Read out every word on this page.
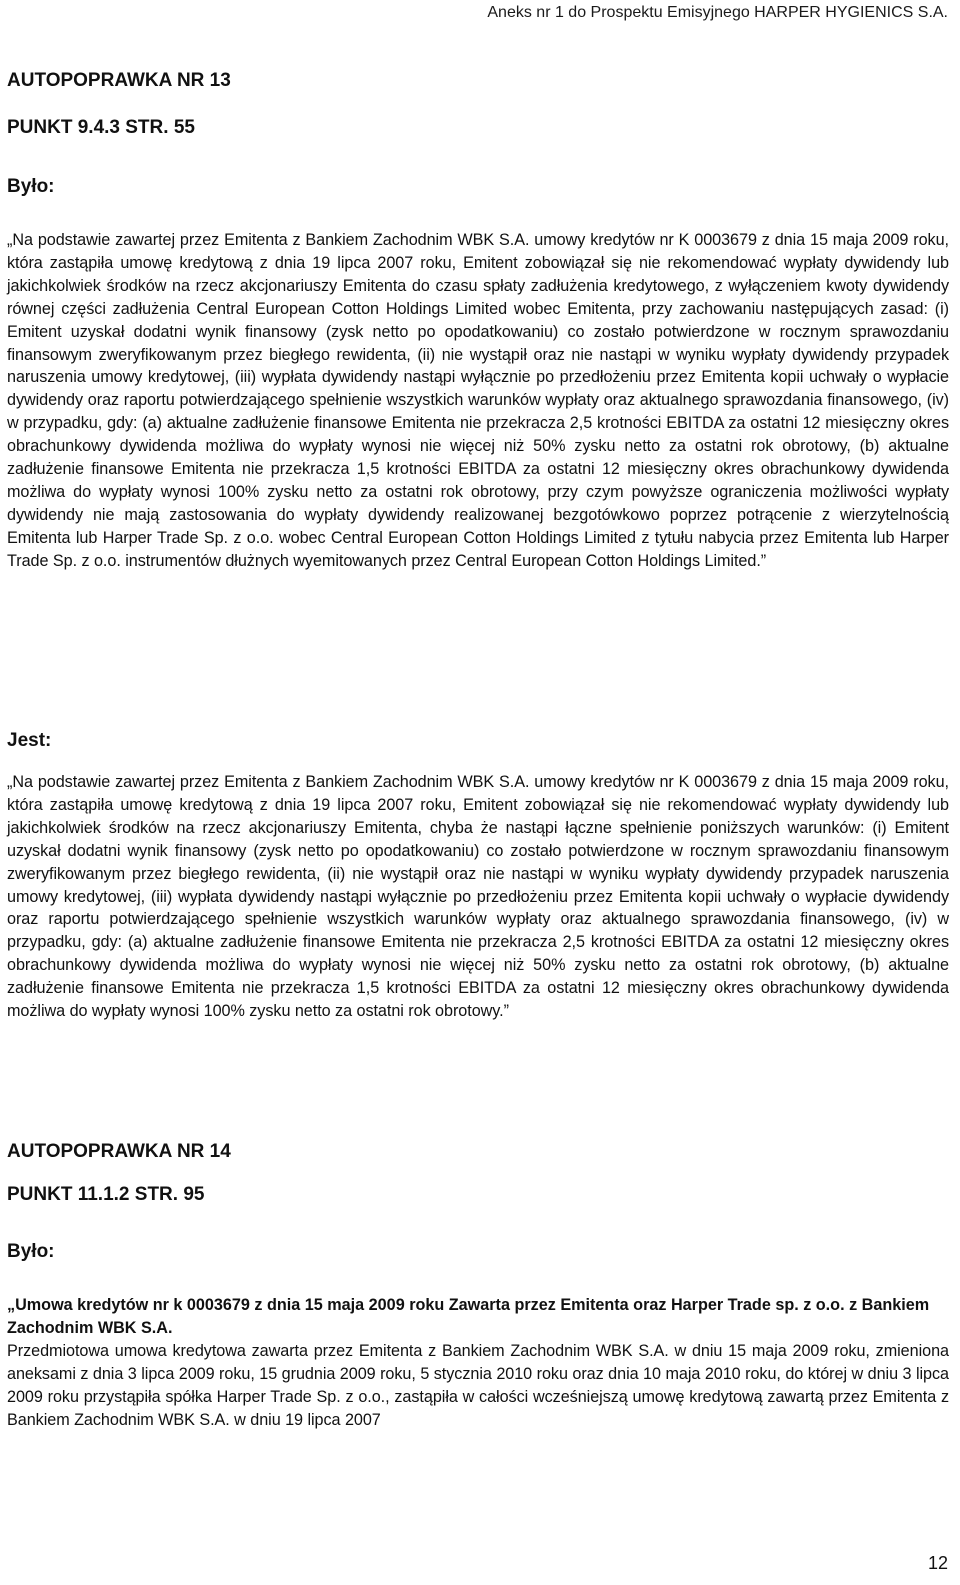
Aneks nr 1 do Prospektu Emisyjnego HARPER HYGIENICS S.A.

AUTOPOPRAWKA NR 13

PUNKT 9.4.3 STR. 55

Było:

„Na podstawie zawartej przez Emitenta z Bankiem Zachodnim WBK S.A. umowy kredytów nr K 0003679 z dnia 15 maja 2009 roku, która zastąpiła umowę kredytową z dnia 19 lipca 2007 roku, Emitent zobowiązał się nie rekomendować wypłaty dywidendy lub jakichkolwiek środków na rzecz akcjonariuszy Emitenta do czasu spłaty zadłużenia kredytowego, z wyłączeniem kwoty dywidendy równej części zadłużenia Central European Cotton Holdings Limited wobec Emitenta, przy zachowaniu następujących zasad: (i) Emitent uzyskał dodatni wynik finansowy (zysk netto po opodatkowaniu) co zostało potwierdzone w rocznym sprawozdaniu finansowym zweryfikowanym przez biegłego rewidenta, (ii) nie wystąpił oraz nie nastąpi w wyniku wypłaty dywidendy przypadek naruszenia umowy kredytowej, (iii) wypłata dywidendy nastąpi wyłącznie po przedłożeniu przez Emitenta kopii uchwały o wypłacie dywidendy oraz raportu potwierdzającego spełnienie wszystkich warunków wypłaty oraz aktualnego sprawozdania finansowego, (iv) w przypadku, gdy: (a) aktualne zadłużenie finansowe Emitenta nie przekracza 2,5 krotności EBITDA za ostatni 12 miesięczny okres obrachunkowy dywidenda możliwa do wypłaty wynosi nie więcej niż 50% zysku netto za ostatni rok obrotowy, (b) aktualne zadłużenie finansowe Emitenta nie przekracza 1,5 krotności EBITDA za ostatni 12 miesięczny okres obrachunkowy dywidenda możliwa do wypłaty wynosi 100% zysku netto za ostatni rok obrotowy, przy czym powyższe ograniczenia możliwości wypłaty dywidendy nie mają zastosowania do wypłaty dywidendy realizowanej bezgotówkowo poprzez potrącenie z wierzytelnością Emitenta lub Harper Trade Sp. z o.o. wobec Central European Cotton Holdings Limited z tytułu nabycia przez Emitenta lub Harper Trade Sp. z o.o. instrumentów dłużnych wyemitowanych przez Central European Cotton Holdings Limited.”

Jest:

„Na podstawie zawartej przez Emitenta z Bankiem Zachodnim WBK S.A. umowy kredytów nr K 0003679 z dnia 15 maja 2009 roku, która zastąpiła umowę kredytową z dnia 19 lipca 2007 roku, Emitent zobowiązał się nie rekomendować wypłaty dywidendy lub jakichkolwiek środków na rzecz akcjonariuszy Emitenta, chyba że nastąpi łączne spełnienie poniższych warunków: (i) Emitent uzyskał dodatni wynik finansowy (zysk netto po opodatkowaniu) co zostało potwierdzone w rocznym sprawozdaniu finansowym zweryfikowanym przez biegłego rewidenta, (ii) nie wystąpił oraz nie nastąpi w wyniku wypłaty dywidendy przypadek naruszenia umowy kredytowej, (iii) wypłata dywidendy nastąpi wyłącznie po przedłożeniu przez Emitenta kopii uchwały o wypłacie dywidendy oraz raportu potwierdzającego spełnienie wszystkich warunków wypłaty oraz aktualnego sprawozdania finansowego, (iv) w przypadku, gdy: (a) aktualne zadłużenie finansowe Emitenta nie przekracza 2,5 krotności EBITDA za ostatni 12 miesięczny okres obrachunkowy dywidenda możliwa do wypłaty wynosi nie więcej niż 50% zysku netto za ostatni rok obrotowy, (b) aktualne zadłużenie finansowe Emitenta nie przekracza 1,5 krotności EBITDA za ostatni 12 miesięczny okres obrachunkowy dywidenda możliwa do wypłaty wynosi 100% zysku netto za ostatni rok obrotowy.”

AUTOPOPRAWKA NR 14

PUNKT 11.1.2 STR. 95

Było:

„Umowa kredytów nr k 0003679 z dnia 15 maja 2009 roku Zawarta przez Emitenta oraz Harper Trade sp. z o.o. z Bankiem Zachodnim WBK S.A.

Przedmiotowa umowa kredytowa zawarta przez Emitenta z Bankiem Zachodnim WBK S.A. w dniu 15 maja 2009 roku, zmieniona aneksami z dnia 3 lipca 2009 roku, 15 grudnia 2009 roku, 5 stycznia 2010 roku oraz dnia 10 maja 2010 roku, do której w dniu 3 lipca 2009 roku przystąpiła spółka Harper Trade Sp. z o.o., zastąpiła w całości wcześniejszą umowę kredytową zawartą przez Emitenta z Bankiem Zachodnim WBK S.A. w dniu 19 lipca 2007

12
